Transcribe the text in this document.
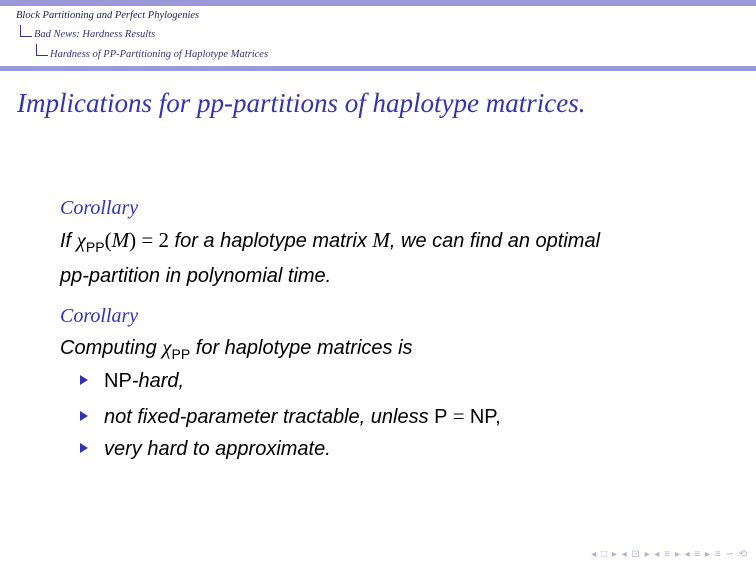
Block Partitioning and Perfect Phylogenies
Bad News: Hardness Results
Hardness of PP-Partitioning of Haplotype Matrices
Implications for pp-partitions of haplotype matrices.
Corollary
If $\chi_{PP}(M) = 2$ for a haplotype matrix M, we can find an optimal
pp-partition in polynomial time.
Corollary
Computing $\chi_{PP}$ for haplotype matrices is
NP-hard,
not fixed-parameter tractable, unless P = NP,
very hard to approximate.
◂ □ ▸ ◂ ⊡ ▸ ◂ ≡ ▸ ◂ ≡ ▸ ≡ ∽ ⟲
